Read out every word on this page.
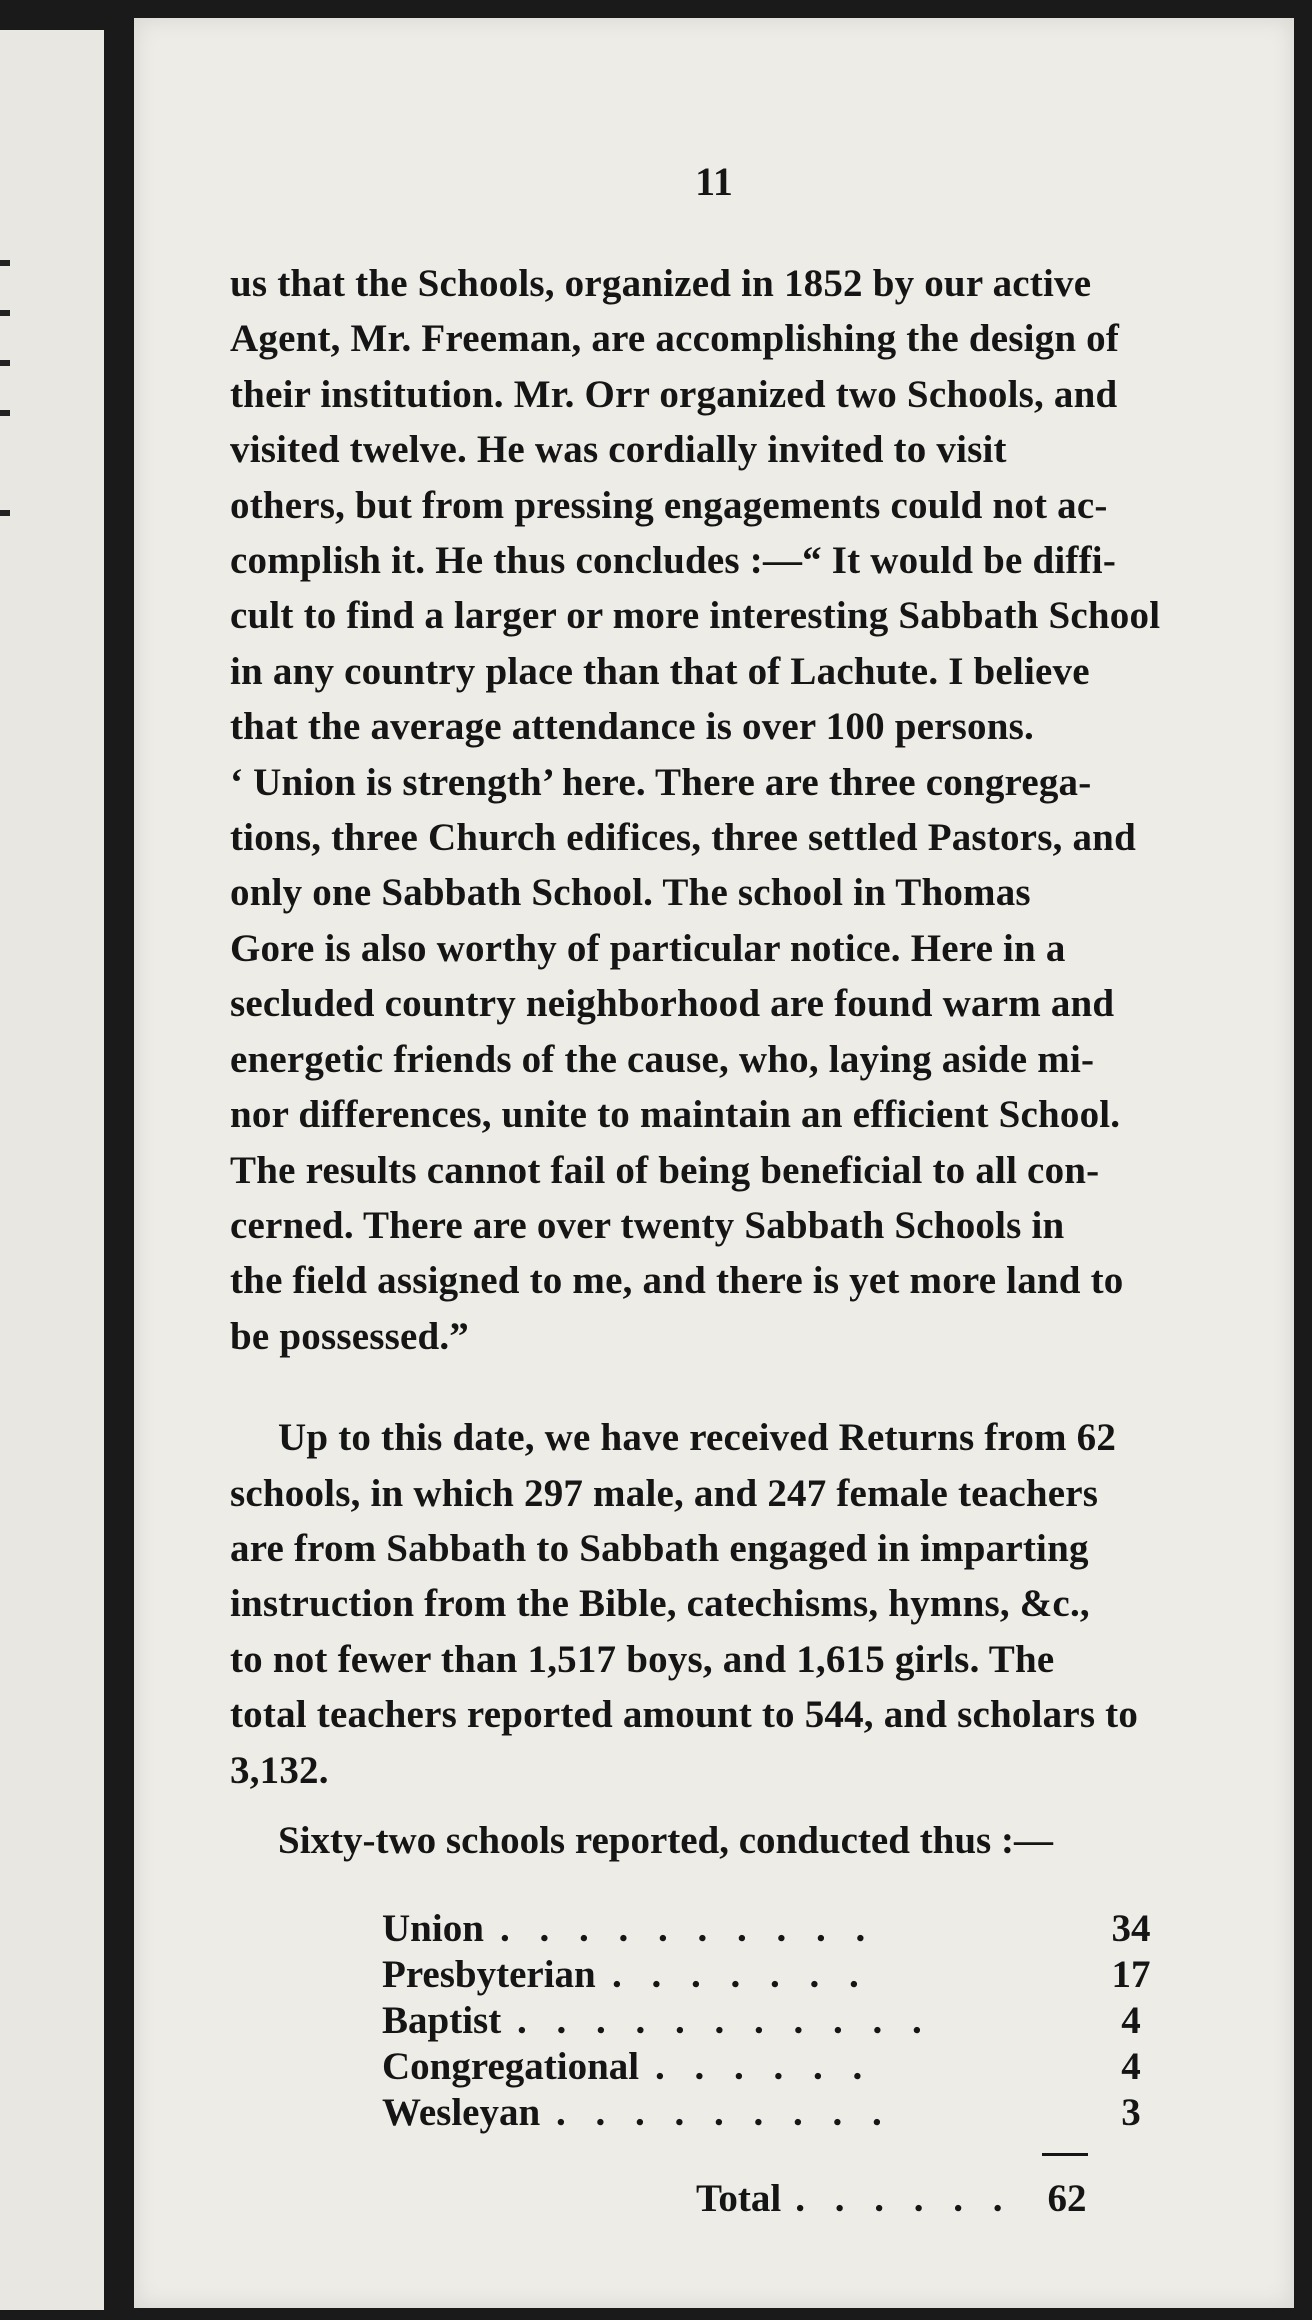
11
us that the Schools, organized in 1852 by our active
Agent, Mr. Freeman, are accomplishing the design of
their institution. Mr. Orr organized two Schools, and
visited twelve. He was cordially invited to visit
others, but from pressing engagements could not ac-
complish it. He thus concludes :—“ It would be diffi-
cult to find a larger or more interesting Sabbath School
in any country place than that of Lachute. I believe
that the average attendance is over 100 persons.
‘ Union is strength’ here. There are three congrega-
tions, three Church edifices, three settled Pastors, and
only one Sabbath School. The school in Thomas
Gore is also worthy of particular notice. Here in a
secluded country neighborhood are found warm and
energetic friends of the cause, who, laying aside mi-
nor differences, unite to maintain an efficient School.
The results cannot fail of being beneficial to all con-
cerned. There are over twenty Sabbath Schools in
the field assigned to me, and there is yet more land to
be possessed.”
Up to this date, we have received Returns from 62
schools, in which 297 male, and 247 female teachers
are from Sabbath to Sabbath engaged in imparting
instruction from the Bible, catechisms, hymns, &c.,
to not fewer than 1,517 boys, and 1,615 girls. The
total teachers reported amount to 544, and scholars to
3,132.
Sixty-two schools reported, conducted thus :—
Union . . . . . . . . . .	34
Presbyterian . . . . . . .	17
Baptist . . . . . . . . . . .	4
Congregational . . . . . .	4
Wesleyan . . . . . . . . .	3
Total . . . . . . 62
